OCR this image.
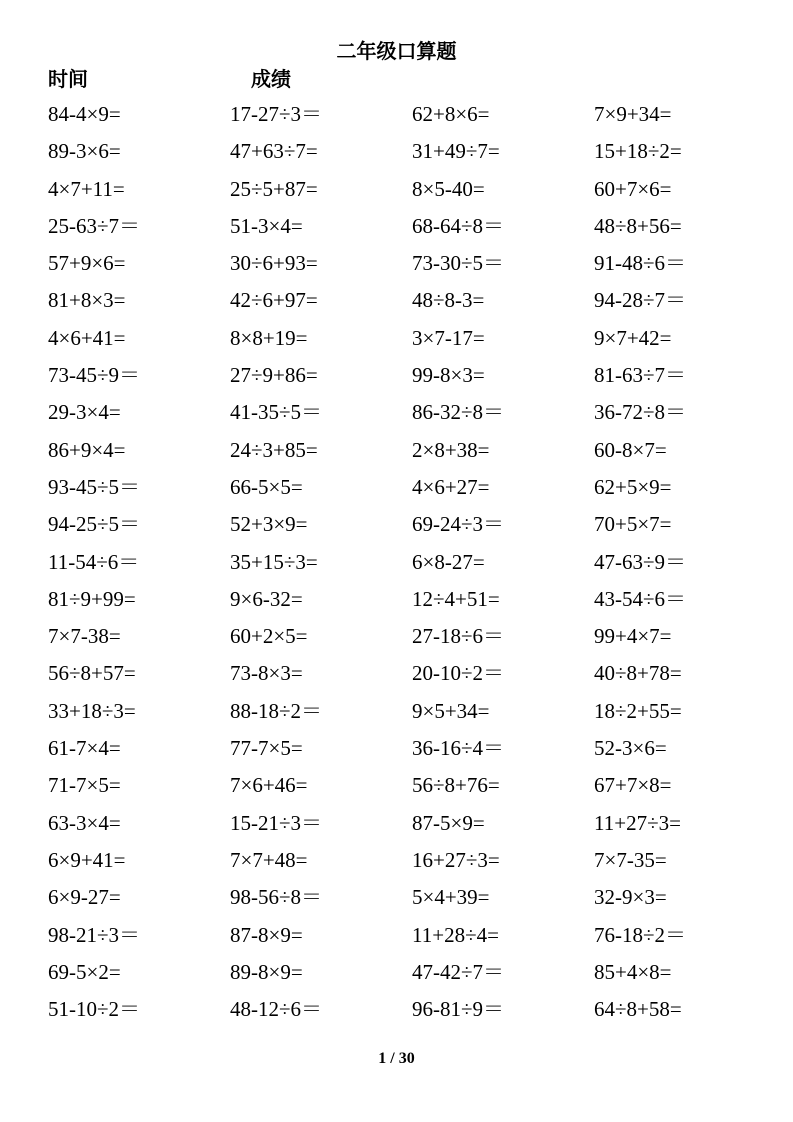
二年级口算题
时间	成绩
84-4×9=	17-27÷3＝	62+8×6=	7×9+34=
89-3×6=	47+63÷7=	31+49÷7=	15+18÷2=
4×7+11=	25÷5+87=	8×5-40=	60+7×6=
25-63÷7＝	51-3×4=	68-64÷8＝	48÷8+56=
57+9×6=	30÷6+93=	73-30÷5＝	91-48÷6＝
81+8×3=	42÷6+97=	48÷8-3=	94-28÷7＝
4×6+41=	8×8+19=	3×7-17=	9×7+42=
73-45÷9＝	27÷9+86=	99-8×3=	81-63÷7＝
29-3×4=	41-35÷5＝	86-32÷8＝	36-72÷8＝
86+9×4=	24÷3+85=	2×8+38=	60-8×7=
93-45÷5＝	66-5×5=	4×6+27=	62+5×9=
94-25÷5＝	52+3×9=	69-24÷3＝	70+5×7=
11-54÷6＝	35+15÷3=	6×8-27=	47-63÷9＝
81÷9+99=	9×6-32=	12÷4+51=	43-54÷6＝
7×7-38=	60+2×5=	27-18÷6＝	99+4×7=
56÷8+57=	73-8×3=	20-10÷2＝	40÷8+78=
33+18÷3=	88-18÷2＝	9×5+34=	18÷2+55=
61-7×4=	77-7×5=	36-16÷4＝	52-3×6=
71-7×5=	7×6+46=	56÷8+76=	67+7×8=
63-3×4=	15-21÷3＝	87-5×9=	11+27÷3=
6×9+41=	7×7+48=	16+27÷3=	7×7-35=
6×9-27=	98-56÷8＝	5×4+39=	32-9×3=
98-21÷3＝	87-8×9=	11+28÷4=	76-18÷2＝
69-5×2=	89-8×9=	47-42÷7＝	85+4×8=
51-10÷2＝	48-12÷6＝	96-81÷9＝	64÷8+58=
1 / 30
